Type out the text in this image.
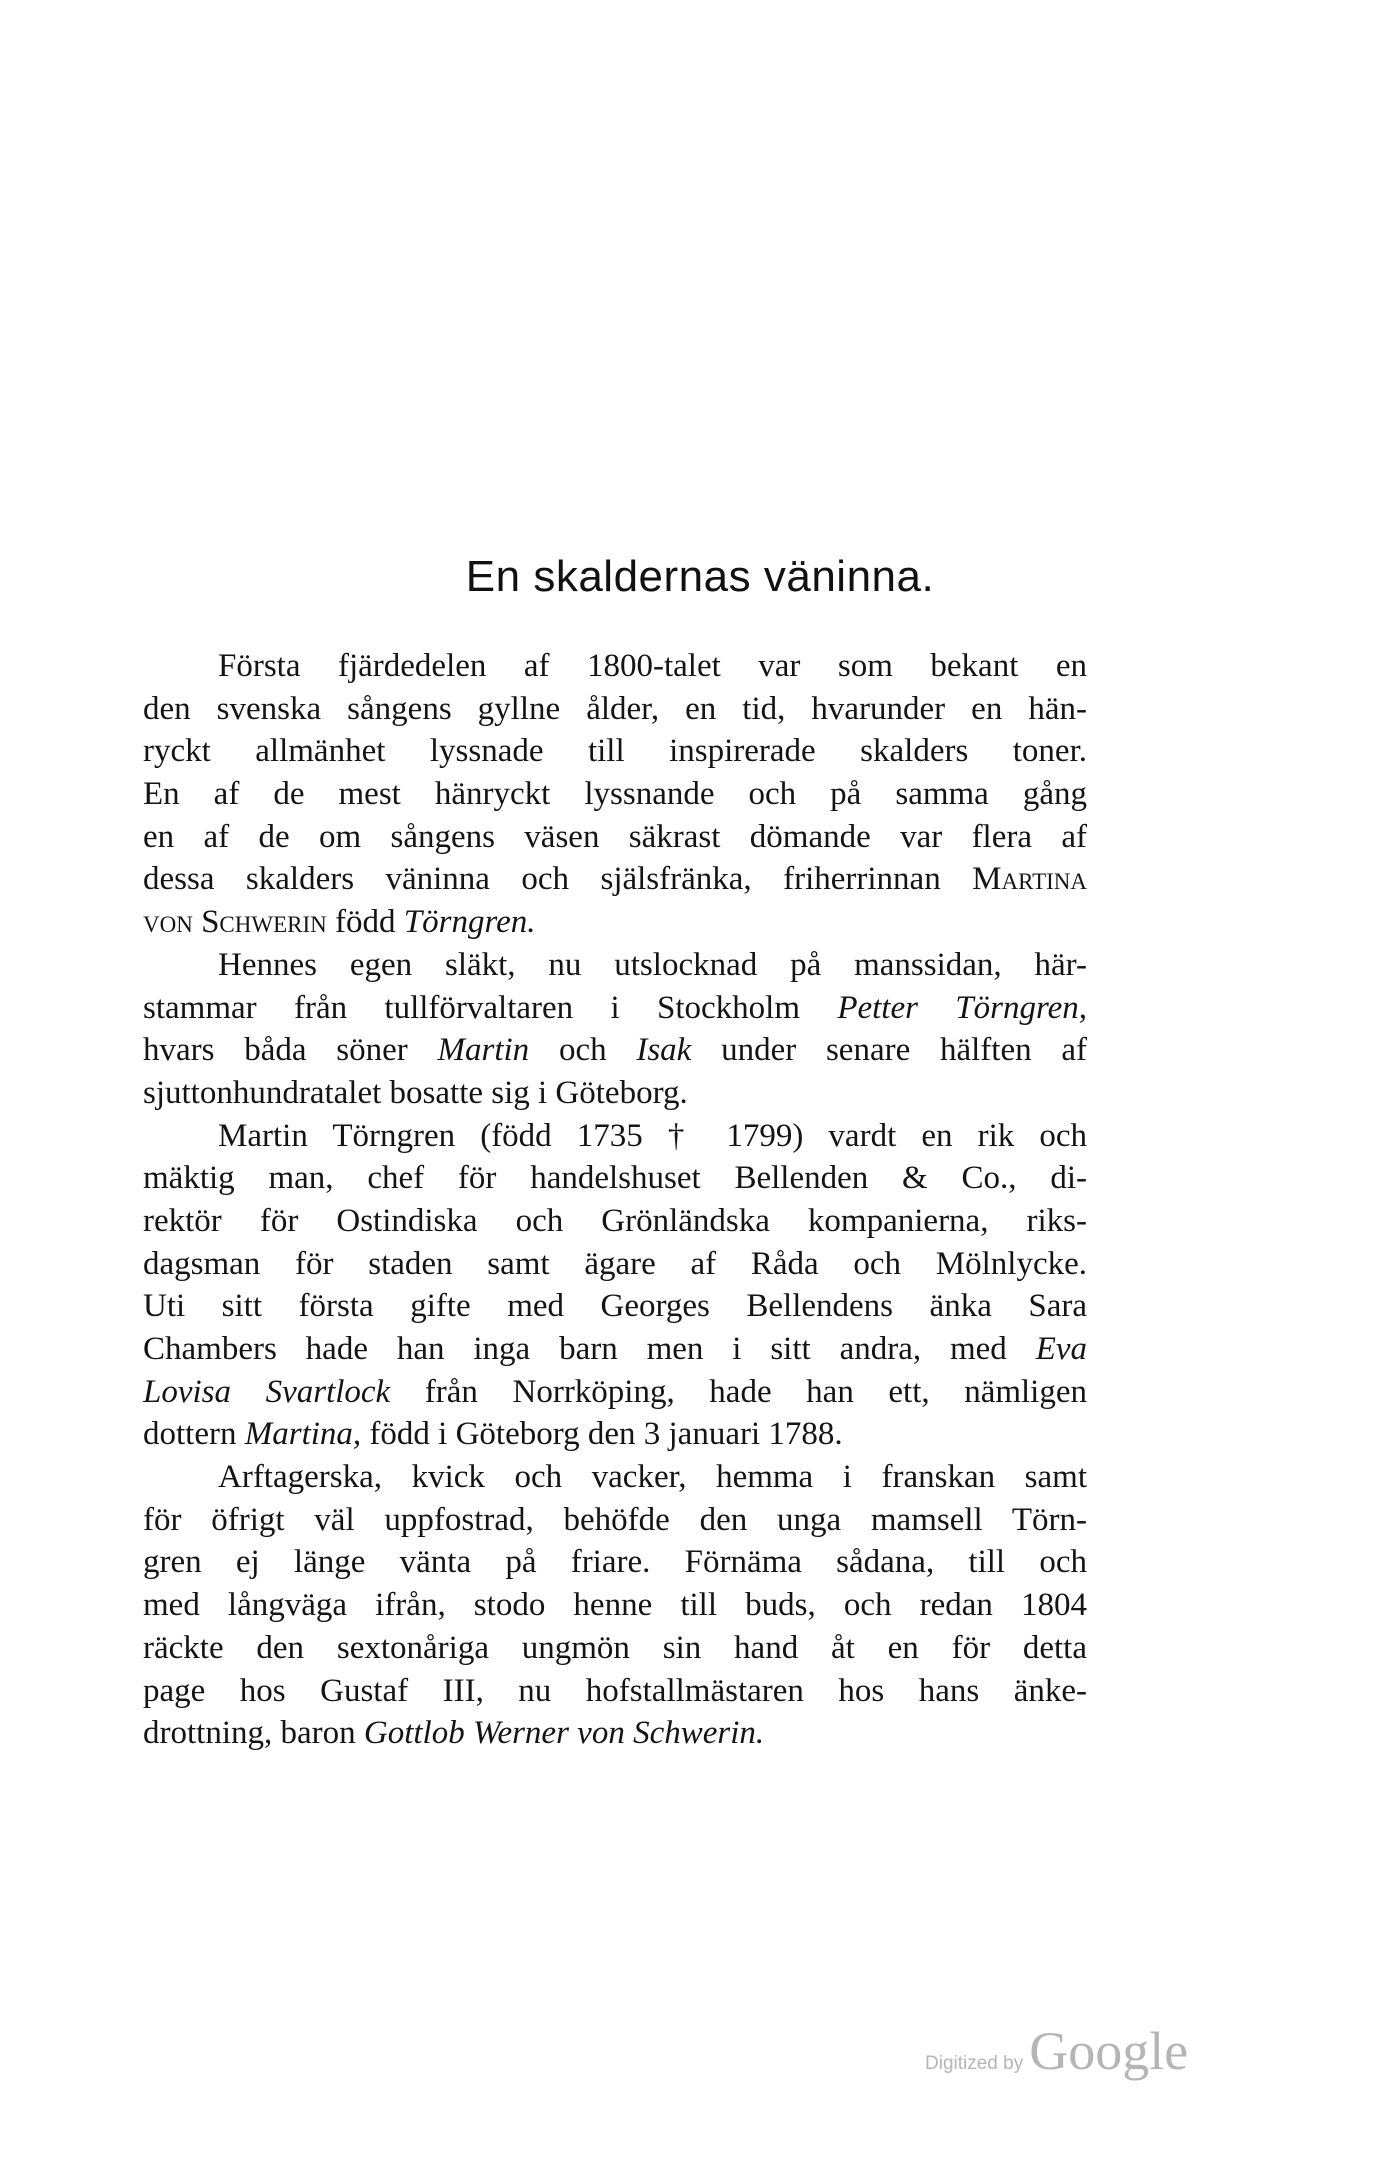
En skaldernas väninna.
Första fjärdedelen af 1800-talet var som bekant en
den svenska sångens gyllne ålder, en tid, hvarunder en hän-
ryckt allmänhet lyssnade till inspirerade skalders toner.
En af de mest hänryckt lyssnande och på samma gång
en af de om sångens väsen säkrast dömande var flera af
dessa skalders väninna och själsfränka, friherrinnan Martina
von Schwerin född Törngren.
Hennes egen släkt, nu utslocknad på manssidan, här-
stammar från tullförvaltaren i Stockholm Petter Törngren,
hvars båda söner Martin och Isak under senare hälften af
sjuttonhundratalet bosatte sig i Göteborg.
Martin Törngren (född 1735 † 1799) vardt en rik och
mäktig man, chef för handelshuset Bellenden & Co., di-
rektör för Ostindiska och Grönländska kompanierna, riks-
dagsman för staden samt ägare af Råda och Mölnlycke.
Uti sitt första gifte med Georges Bellendens änka Sara
Chambers hade han inga barn men i sitt andra, med Eva
Lovisa Svartlock från Norrköping, hade han ett, nämligen
dottern Martina, född i Göteborg den 3 januari 1788.
Arftagerska, kvick och vacker, hemma i franskan samt
för öfrigt väl uppfostrad, behöfde den unga mamsell Törn-
gren ej länge vänta på friare. Förnäma sådana, till och
med långväga ifrån, stodo henne till buds, och redan 1804
räckte den sextonåriga ungmön sin hand åt en för detta
page hos Gustaf III, nu hofstallmästaren hos hans änke-
drottning, baron Gottlob Werner von Schwerin.
Digitized by Google
